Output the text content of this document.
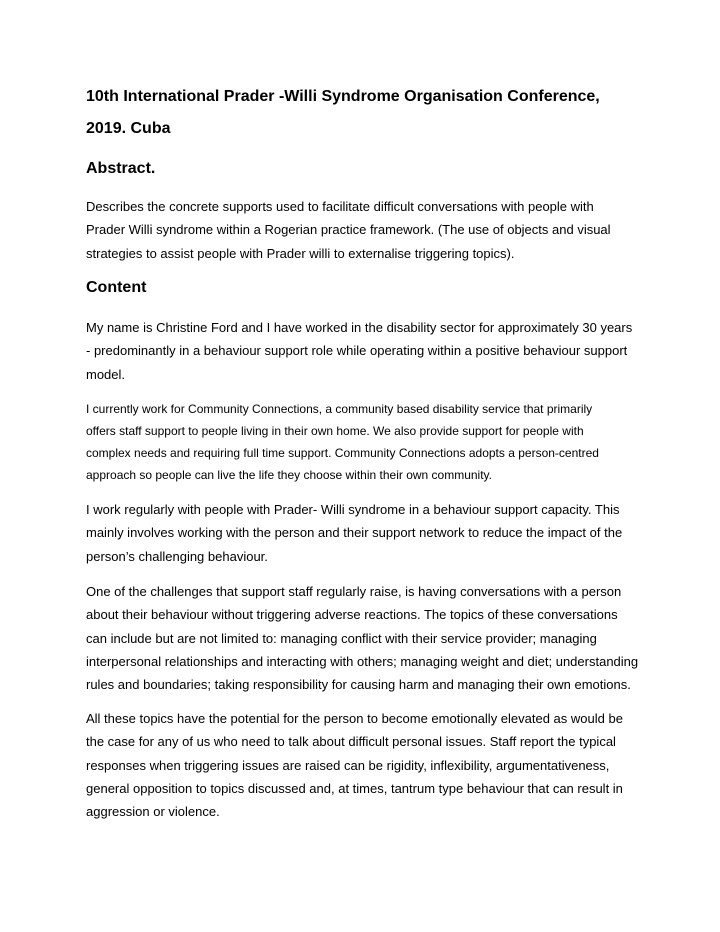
10th International Prader -Willi Syndrome Organisation Conference,
2019. Cuba
Abstract.
Describes the concrete supports used to facilitate difficult conversations with people with
Prader Willi syndrome within a Rogerian practice framework. (The use of objects and visual
strategies to assist people with Prader willi to externalise triggering topics).
Content
My name is Christine Ford and I have worked in the disability sector for approximately 30 years
- predominantly in a behaviour support role while operating within a positive behaviour support
model.
I currently work for Community Connections, a community based disability service that primarily
offers staff support to people living in their own home. We also provide support for people with
complex needs and requiring full time support. Community Connections adopts a person-centred
approach so people can live the life they choose within their own community.
I work regularly with people with Prader- Willi syndrome in a behaviour support capacity. This
mainly involves working with the person and their support network to reduce the impact of the
person’s challenging behaviour.
One of the challenges that support staff regularly raise, is having conversations with a person
about their behaviour without triggering adverse reactions. The topics of these conversations
can include but are not limited to: managing conflict with their service provider; managing
interpersonal relationships and interacting with others; managing weight and diet; understanding
rules and boundaries; taking responsibility for causing harm and managing their own emotions.
All these topics have the potential for the person to become emotionally elevated as would be
the case for any of us who need to talk about difficult personal issues. Staff report the typical
responses when triggering issues are raised can be rigidity, inflexibility, argumentativeness,
general opposition to topics discussed and, at times, tantrum type behaviour that can result in
aggression or violence.
